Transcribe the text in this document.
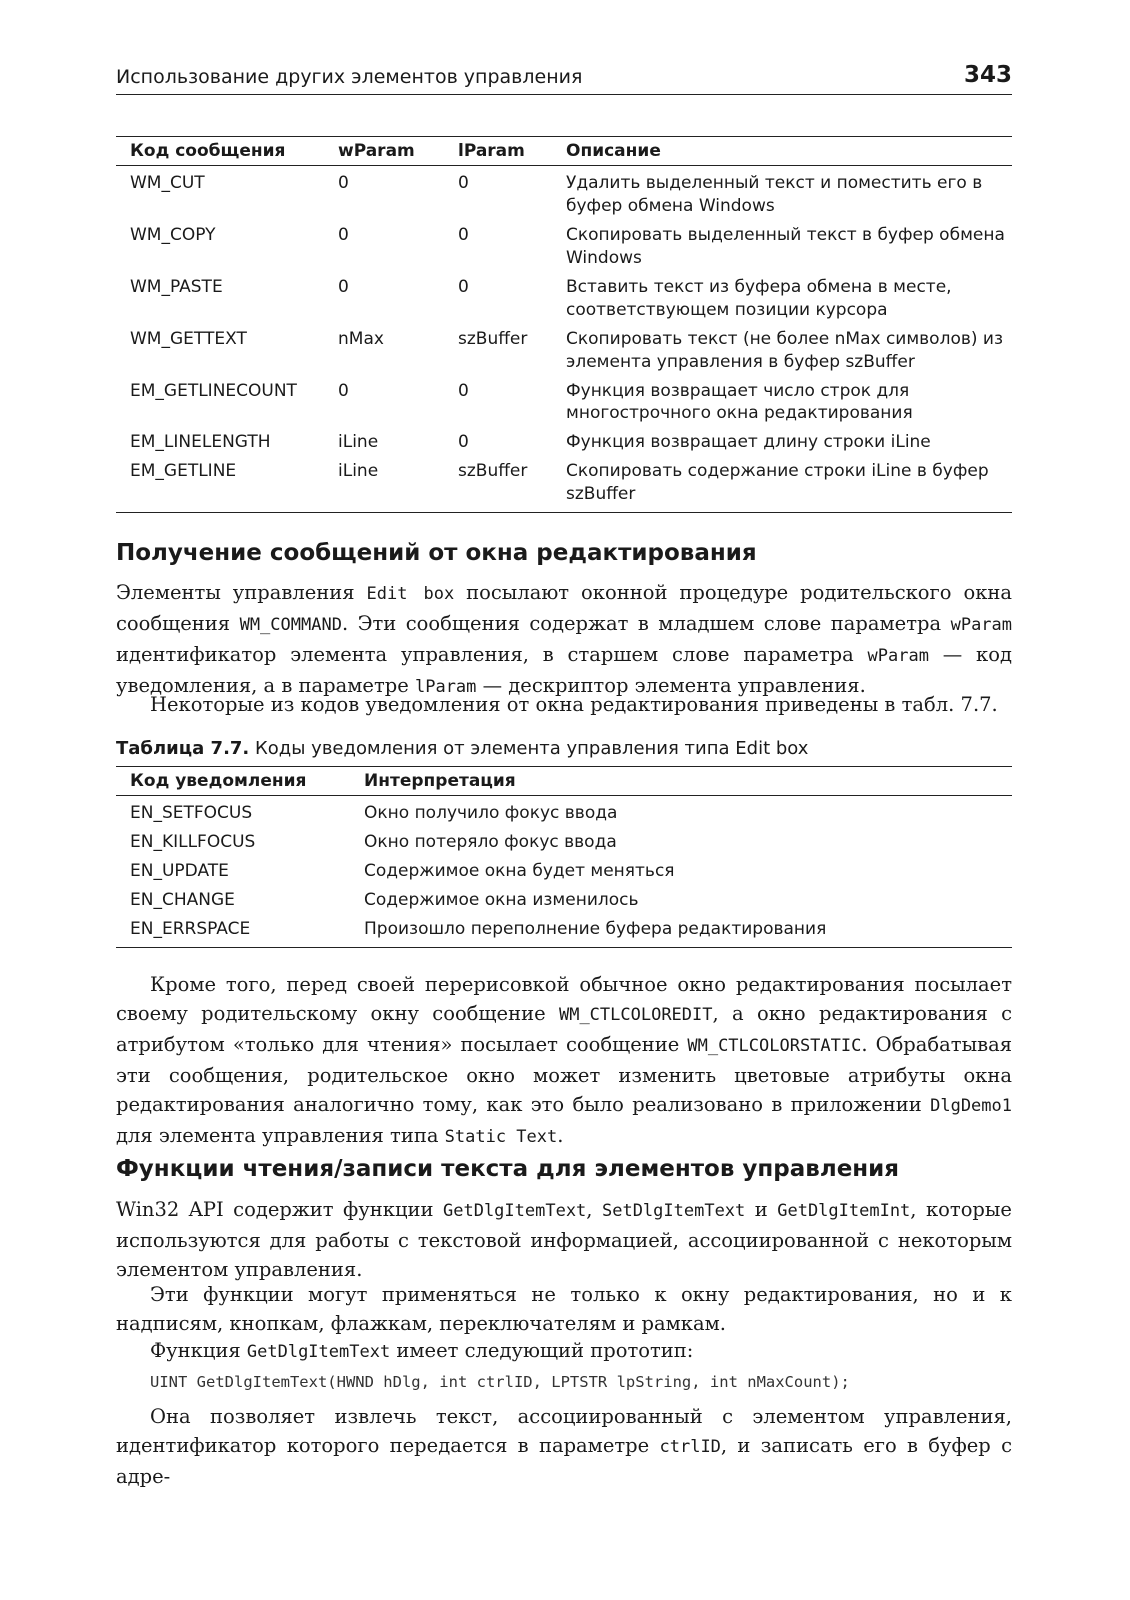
Использование других элементов управления	343
Код сообщения	wParam	lParam	Описание
WM_CUT	0	0	Удалить выделенный текст и поместить его в буфер обмена Windows
WM_COPY	0	0	Скопировать выделенный текст в буфер обмена Windows
WM_PASTE	0	0	Вставить текст из буфера обмена в месте, соответствующем позиции курсора
WM_GETTEXT	nMax	szBuffer	Скопировать текст (не более nMax символов) из элемента управления в буфер szBuffer
EM_GETLINECOUNT	0	0	Функция возвращает число строк для многострочного окна редактирования
EM_LINELENGTH	iLine	0	Функция возвращает длину строки iLine
EM_GETLINE	iLine	szBuffer	Скопировать содержание строки iLine в буфер szBuffer
Получение сообщений от окна редактирования
Элементы управления Edit box посылают оконной процедуре родительского окна сообщения WM_COMMAND. Эти сообщения содержат в младшем слове параметра wParam идентификатор элемента управления, в старшем слове параметра wParam — код уведомления, а в параметре lParam — дескриптор элемента управления.
Некоторые из кодов уведомления от окна редактирования приведены в табл. 7.7.
Таблица 7.7. Коды уведомления от элемента управления типа Edit box
Код уведомления	Интерпретация
EN_SETFOCUS	Окно получило фокус ввода
EN_KILLFOCUS	Окно потеряло фокус ввода
EN_UPDATE	Содержимое окна будет меняться
EN_CHANGE	Содержимое окна изменилось
EN_ERRSPACE	Произошло переполнение буфера редактирования
Кроме того, перед своей перерисовкой обычное окно редактирования посылает своему родительскому окну сообщение WM_CTLCOLOREDIT, а окно редактирования с атрибутом «только для чтения» посылает сообщение WM_CTLCOLORSTATIC. Обрабатывая эти сообщения, родительское окно может изменить цветовые атрибуты окна редактирования аналогично тому, как это было реализовано в приложении DlgDemo1 для элемента управления типа Static Text.
Функции чтения/записи текста для элементов управления
Win32 API содержит функции GetDlgItemText, SetDlgItemText и GetDlgItemInt, которые используются для работы с текстовой информацией, ассоциированной с некоторым элементом управления.
Эти функции могут применяться не только к окну редактирования, но и к надписям, кнопкам, флажкам, переключателям и рамкам.
Функция GetDlgItemText имеет следующий прототип:
UINT GetDlgItemText(HWND hDlg, int ctrlID, LPTSTR lpString, int nMaxCount);
Она позволяет извлечь текст, ассоциированный с элементом управления, идентификатор которого передается в параметре ctrlID, и записать его в буфер с адре-
